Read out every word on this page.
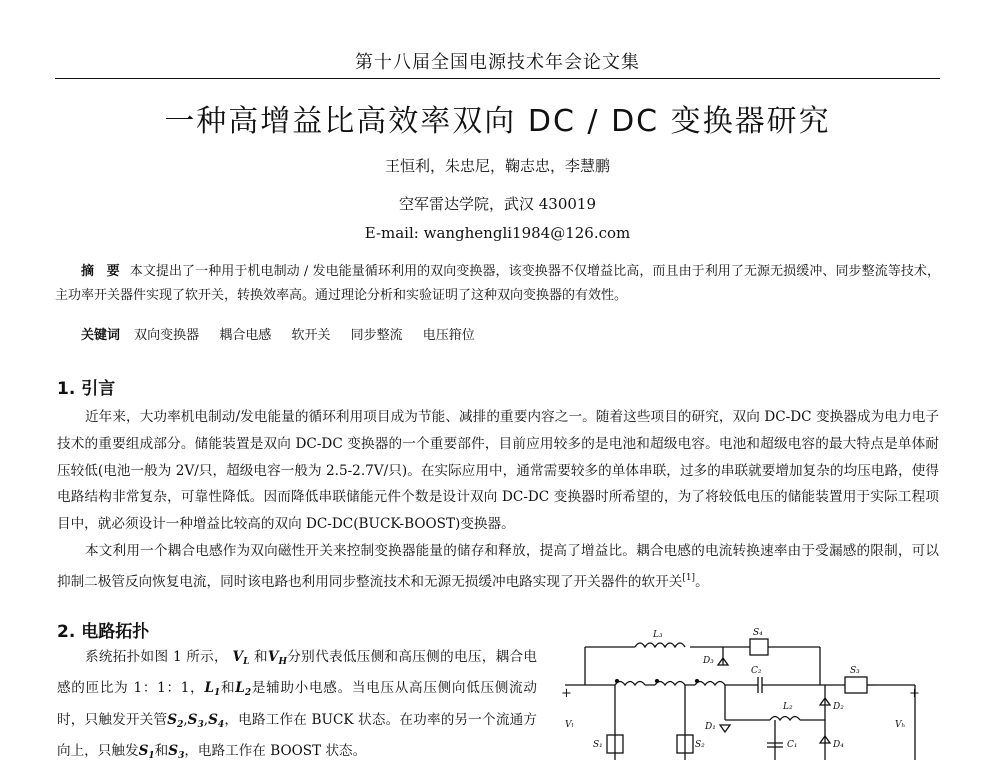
第十八届全国电源技术年会论文集
一种高增益比高效率双向 DC / DC 变换器研究
王恒利，朱忠尼，鞠志忠，李慧鹏
空军雷达学院，武汉 430019
E-mail: wanghengli1984@126.com
摘 要 本文提出了一种用于机电制动 / 发电能量循环利用的双向变换器，该变换器不仅增益比高，而且由于利用了无源无损缓冲、同步整流等技术，主功率开关器件实现了软开关，转换效率高。通过理论分析和实验证明了这种双向变换器的有效性。
关键词 双向变换器 耦合电感 软开关 同步整流 电压箝位
1. 引言
近年来，大功率机电制动/发电能量的循环利用项目成为节能、减排的重要内容之一。随着这些项目的研究，双向 DC-DC 变换器成为电力电子技术的重要组成部分。储能装置是双向 DC-DC 变换器的一个重要部件，目前应用较多的是电池和超级电容。电池和超级电容的最大特点是单体耐压较低(电池一般为 2V/只，超级电容一般为 2.5-2.7V/只)。在实际应用中，通常需要较多的单体串联，过多的串联就要增加复杂的均压电路，使得电路结构非常复杂，可靠性降低。因而降低串联储能元件个数是设计双向 DC-DC 变换器时所希望的，为了将较低电压的储能装置用于实际工程项目中，就必须设计一种增益比较高的双向 DC-DC(BUCK-BOOST)变换器。
本文利用一个耦合电感作为双向磁性开关来控制变换器能量的储存和释放，提高了增益比。耦合电感的电流转换速率由于受漏感的限制，可以抑制二极管反向恢复电流，同时该电路也利用同步整流技术和无源无损缓冲电路实现了开关器件的软开关[1]。
2. 电路拓扑
系统拓扑如图 1 所示， $V_L$ 和$V_H$分别代表低压侧和高压侧的电压，耦合电感的匝比为 1：1：1，$L_1$和$L_2$是辅助小电感。当电压从高压侧向低压侧流动时，只触发开关管$S_2,S_3,S_4$，电路工作在 BUCK 状态。在功率的另一个流通方向上，只触发$S_1$和$S_3$，电路工作在 BOOST 状态。
L₃	S₄
D₃
+	+
C₂	S₃
L₂	D₂
D₄
D₁
C₁
S₁	S₂
Vₗ	Vₕ
